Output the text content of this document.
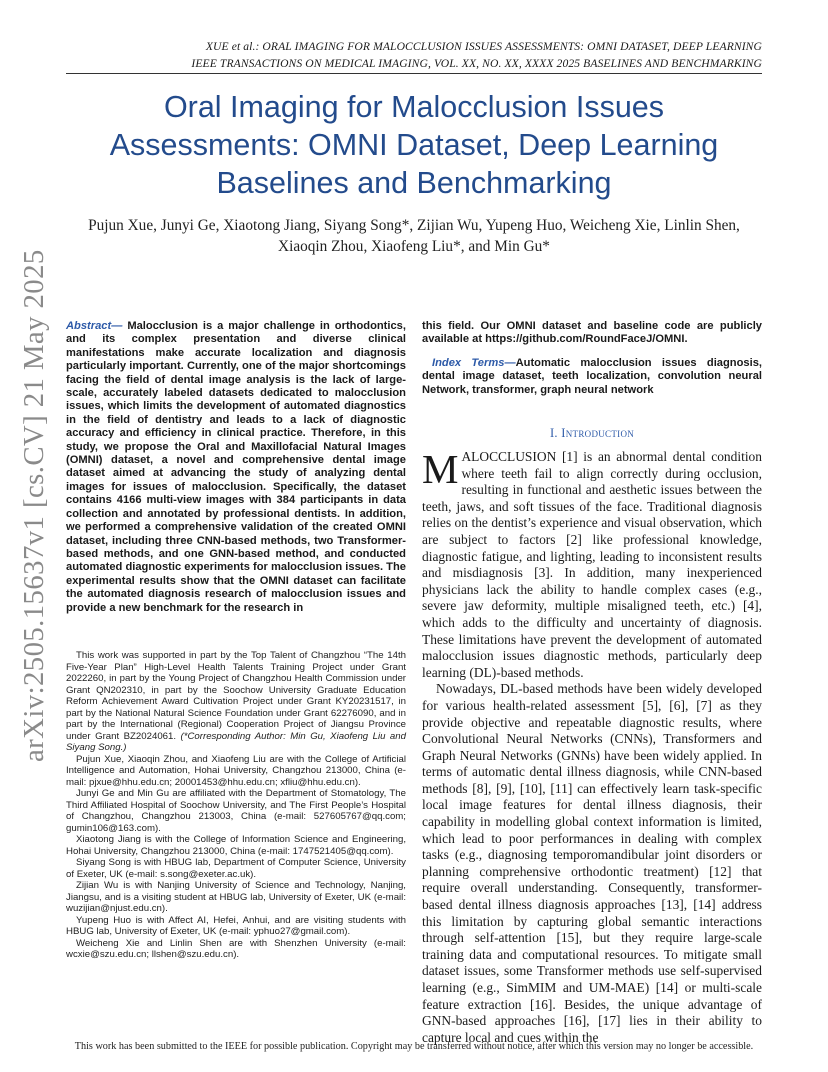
XUE et al.: ORAL IMAGING FOR MALOCCLUSION ISSUES ASSESSMENTS: OMNI DATASET, DEEP LEARNING
IEEE TRANSACTIONS ON MEDICAL IMAGING, VOL. XX, NO. XX, XXXX 2025 BASELINES AND BENCHMARKING
Oral Imaging for Malocclusion Issues Assessments: OMNI Dataset, Deep Learning Baselines and Benchmarking
Pujun Xue, Junyi Ge, Xiaotong Jiang, Siyang Song*, Zijian Wu, Yupeng Huo, Weicheng Xie, Linlin Shen, Xiaoqin Zhou, Xiaofeng Liu*, and Min Gu*
arXiv:2505.15637v1 [cs.CV] 21 May 2025 Abstract— Malocclusion is a major challenge in orthodontics, and its complex presentation and diverse clinical manifestations make accurate localization and diagnosis particularly important. Currently, one of the major shortcomings facing the field of dental image analysis is the lack of large-scale, accurately labeled datasets dedicated to malocclusion issues, which limits the development of automated diagnostics in the field of dentistry and leads to a lack of diagnostic accuracy and efficiency in clinical practice. Therefore, in this study, we propose the Oral and Maxillofacial Natural Images (OMNI) dataset, a novel and comprehensive dental image dataset aimed at advancing the study of analyzing dental images for issues of malocclusion. Specifically, the dataset contains 4166 multi-view images with 384 participants in data collection and annotated by professional dentists. In addition, we performed a comprehensive validation of the created OMNI dataset, including three CNN-based methods, two Transformer-based methods, and one GNN-based method, and conducted automated diagnostic experiments for malocclusion issues. The experimental results show that the OMNI dataset can facilitate the automated diagnosis research of malocclusion issues and provide a new benchmark for the research in

This work was supported in part by the Top Talent of Changzhou “The 14th Five-Year Plan” High-Level Health Talents Training Project under Grant 2022260, in part by the Young Project of Changzhou Health Commission under Grant QN202310, in part by the Soochow University Graduate Education Reform Achievement Award Cultivation Project under Grant KY20231517, in part by the National Natural Science Foundation under Grant 62276090, and in part by the International (Regional) Cooperation Project of Jiangsu Province under Grant BZ2024061. (*Corresponding Author: Min Gu, Xiaofeng Liu and Siyang Song.)

Pujun Xue, Xiaoqin Zhou, and Xiaofeng Liu are with the College of Artificial Intelligence and Automation, Hohai University, Changzhou 213000, China (e-mail: pjxue@hhu.edu.cn; 20001453@hhu.edu.cn; xfliu@hhu.edu.cn).

Junyi Ge and Min Gu are affiliated with the Department of Stomatology, The Third Affiliated Hospital of Soochow University, and The First People’s Hospital of Changzhou, Changzhou 213003, China (e-mail: 527605767@qq.com; gumin106@163.com).

Xiaotong Jiang is with the College of Information Science and Engineering, Hohai University, Changzhou 213000, China (e-mail: 1747521405@qq.com).

Siyang Song is with HBUG lab, Department of Computer Science, University of Exeter, UK (e-mail: s.song@exeter.ac.uk).

Zijian Wu is with Nanjing University of Science and Technology, Nanjing, Jiangsu, and is a visiting student at HBUG lab, University of Exeter, UK (e-mail: wuzijian@njust.edu.cn).

Yupeng Huo is with Affect AI, Hefei, Anhui, and are visiting students with HBUG lab, University of Exeter, UK (e-mail: yphuo27@gmail.com).

Weicheng Xie and Linlin Shen are with Shenzhen University (e-mail: wcxie@szu.edu.cn; llshen@szu.edu.cn).

this field. Our OMNI dataset and baseline code are publicly available at https://github.com/RoundFaceJ/OMNI.
Index Terms—Automatic malocclusion issues diagnosis, dental image dataset, teeth localization, convolution neural Network, transformer, graph neural network
I. Introduction

MALOCCLUSION [1] is an abnormal dental condition where teeth fail to align correctly during occlusion, resulting in functional and aesthetic issues between the teeth, jaws, and soft tissues of the face. Traditional diagnosis relies on the dentist’s experience and visual observation, which are subject to factors [2] like professional knowledge, diagnostic fatigue, and lighting, leading to inconsistent results and misdiagnosis [3]. In addition, many inexperienced physicians lack the ability to handle complex cases (e.g., severe jaw deformity, multiple misaligned teeth, etc.) [4], which adds to the difficulty and uncertainty of diagnosis. These limitations have prevent the development of automated malocclusion issues diagnostic methods, particularly deep learning (DL)-based methods.

Nowadays, DL-based methods have been widely developed for various health-related assessment [5], [6], [7] as they provide objective and repeatable diagnostic results, where Convolutional Neural Networks (CNNs), Transformers and Graph Neural Networks (GNNs) have been widely applied. In terms of automatic dental illness diagnosis, while CNN-based methods [8], [9], [10], [11] can effectively learn task-specific local image features for dental illness diagnosis, their capability in modelling global context information is limited, which lead to poor performances in dealing with complex tasks (e.g., diagnosing temporomandibular joint disorders or planning comprehensive orthodontic treatment) [12] that require overall understanding. Consequently, transformer-based dental illness diagnosis approaches [13], [14] address this limitation by capturing global semantic interactions through self-attention [15], but they require large-scale training data and computational resources. To mitigate small dataset issues, some Transformer methods use self-supervised learning (e.g., SimMIM and UM-MAE) [14] or multi-scale feature extraction [16]. Besides, the unique advantage of GNN-based approaches [16], [17] lies in their ability to capture local and cues within the

This work has been submitted to the IEEE for possible publication. Copyright may be transferred without notice, after which this version may no longer be accessible.
